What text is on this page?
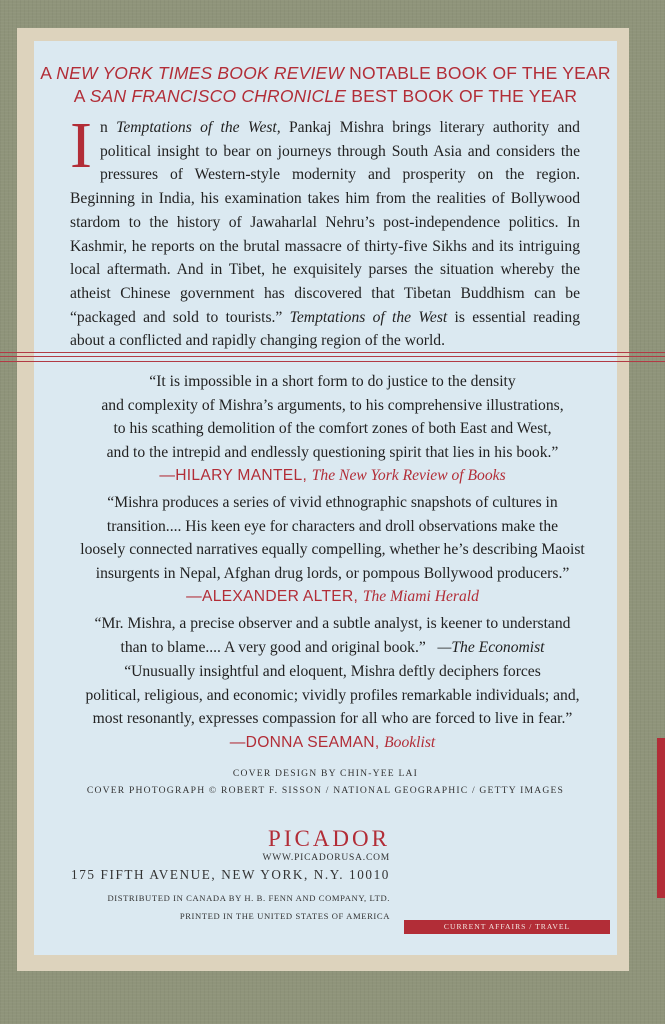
A NEW YORK TIMES BOOK REVIEW NOTABLE BOOK OF THE YEAR
A SAN FRANCISCO CHRONICLE BEST BOOK OF THE YEAR
In Temptations of the West, Pankaj Mishra brings literary authority and political insight to bear on journeys through South Asia and considers the pressures of Western-style modernity and prosperity on the region. Beginning in India, his examination takes him from the realities of Bollywood stardom to the history of Jawaharlal Nehru’s post-independence politics. In Kashmir, he reports on the brutal massacre of thirty-five Sikhs and its intriguing local aftermath. And in Tibet, he exquisitely parses the situation whereby the atheist Chinese government has discovered that Tibetan Buddhism can be “packaged and sold to tourists.” Temptations of the West is essential reading about a conflicted and rapidly changing region of the world.
“It is impossible in a short form to do justice to the density
and complexity of Mishra’s arguments, to his comprehensive illustrations,
to his scathing demolition of the comfort zones of both East and West,
and to the intrepid and endlessly questioning spirit that lies in his book.”
—HILARY MANTEL, The New York Review of Books
“Mishra produces a series of vivid ethnographic snapshots of cultures in
transition.... His keen eye for characters and droll observations make the
loosely connected narratives equally compelling, whether he’s describing Maoist
insurgents in Nepal, Afghan drug lords, or pompous Bollywood producers.”
—ALEXANDER ALTER, The Miami Herald
“Mr. Mishra, a precise observer and a subtle analyst, is keener to understand
than to blame.... A very good and original book.” —The Economist
“Unusually insightful and eloquent, Mishra deftly deciphers forces
political, religious, and economic; vividly profiles remarkable individuals; and,
most resonantly, expresses compassion for all who are forced to live in fear.”
—DONNA SEAMAN, Booklist
COVER DESIGN BY CHIN-YEE LAI
COVER PHOTOGRAPH © ROBERT F. SISSON / NATIONAL GEOGRAPHIC / GETTY IMAGES
PICADOR
WWW.PICADORUSA.COM
175 FIFTH AVENUE, NEW YORK, N.Y. 10010
DISTRIBUTED IN CANADA BY H. B. FENN AND COMPANY, LTD.
PRINTED IN THE UNITED STATES OF AMERICA
CURRENT AFFAIRS / TRAVEL
